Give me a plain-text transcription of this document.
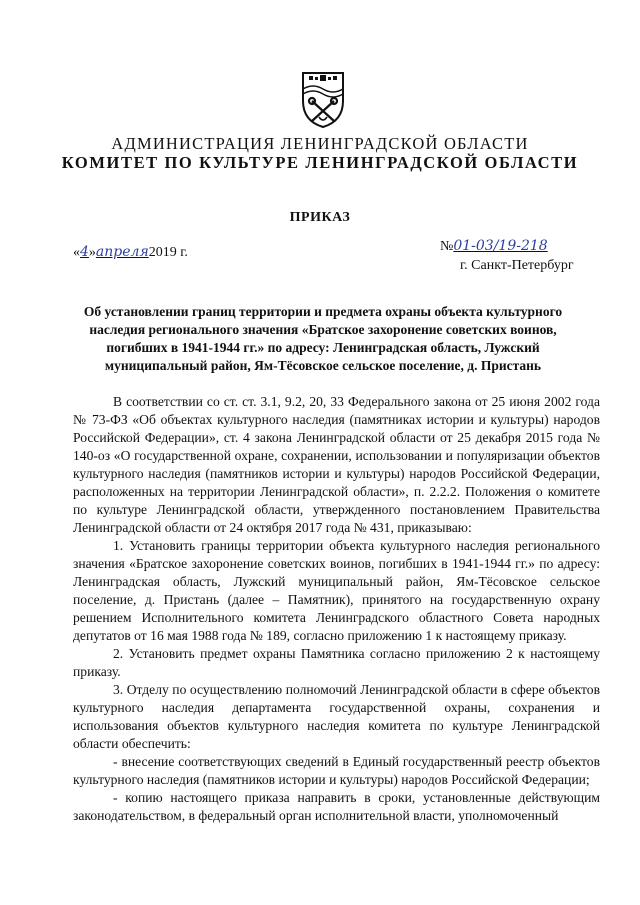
АДМИНИСТРАЦИЯ ЛЕНИНГРАДСКОЙ ОБЛАСТИ
КОМИТЕТ ПО КУЛЬТУРЕ ЛЕНИНГРАДСКОЙ ОБЛАСТИ
ПРИКАЗ
«4»апреля2019 г.	№01-03/19-218
г. Санкт-Петербург
Об установлении границ территории и предмета охраны объекта культурного наследия регионального значения «Братское захоронение советских воинов, погибших в 1941-1944 гг.» по адресу: Ленинградская область, Лужский муниципальный район, Ям-Тёсовское сельское поселение, д. Пристань

В соответствии со ст. ст. 3.1, 9.2, 20, 33 Федерального закона от 25 июня 2002 года № 73-ФЗ «Об объектах культурного наследия (памятниках истории и культуры) народов Российской Федерации», ст. 4 закона Ленинградской области от 25 декабря 2015 года № 140-оз «О государственной охране, сохранении, использовании и популяризации объектов культурного наследия (памятников истории и культуры) народов Российской Федерации, расположенных на территории Ленинградской области», п. 2.2.2. Положения о комитете по культуре Ленинградской области, утвержденного постановлением Правительства Ленинградской области от 24 октября 2017 года № 431, приказываю:

1. Установить границы территории объекта культурного наследия регионального значения «Братское захоронение советских воинов, погибших в 1941-1944 гг.» по адресу: Ленинградская область, Лужский муниципальный район, Ям-Тёсовское сельское поселение, д. Пристань (далее – Памятник), принятого на государственную охрану решением Исполнительного комитета Ленинградского областного Совета народных депутатов от 16 мая 1988 года № 189, согласно приложению 1 к настоящему приказу.

2. Установить предмет охраны Памятника согласно приложению 2 к настоящему приказу.

3. Отделу по осуществлению полномочий Ленинградской области в сфере объектов культурного наследия департамента государственной охраны, сохранения и использования объектов культурного наследия комитета по культуре Ленинградской области обеспечить:

- внесение соответствующих сведений в Единый государственный реестр объектов культурного наследия (памятников истории и культуры) народов Российской Федерации;

- копию настоящего приказа направить в сроки, установленные действующим законодательством, в федеральный орган исполнительной власти, уполномоченный
